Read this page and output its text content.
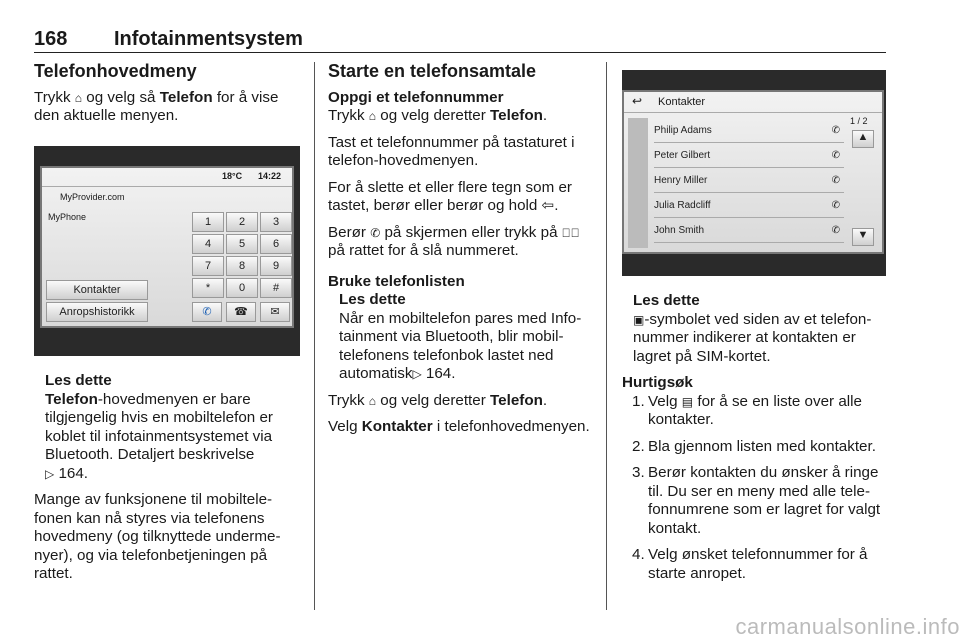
168 Infotainmentsystem
Telefonhovedmeny

Trykk ⌂ og velg så Telefon for å vise den aktuelle menyen.

18°C 14:22
MyProvider.com
MyPhone	1	2	3
4	5	6
7	8	9
*	0	#
Kontakter
Anropshistorikk	✆	☎	✉
Les dette
Telefon-hovedmenyen er bare tilgjengelig hvis en mobiltelefon er koblet til infotainmentsystemet via Bluetooth. Detaljert beskrivelse
▷ 164.

Mange av funksjonene til mobiltelefonen kan nå styres via telefonens hovedmeny (og tilknyttede undermenyer), og via telefonbetjeningen på rattet.

Starte en telefonsamtale
Oppgi et telefonnummer

Trykk ⌂ og velg deretter Telefon.

Tast et telefonnummer på tastaturet i telefon-hovedmenyen.

For å slette et eller flere tegn som er tastet, berør eller berør og hold ⇦.

Berør ✆ på skjermen eller trykk på ✆⃝ på rattet for å slå nummeret.

Bruke telefonlisten
Les dette
Når en mobiltelefon pares med Infotainment via Bluetooth, blir mobiltelefonens telefonbok lastet ned automatisk▷ 164.

Trykk ⌂ og velg deretter Telefon.

Velg Kontakter i telefonhovedmenyen.

↩ Kontakter
1 / 2
Philip Adams	✆
Peter Gilbert	✆
Henry Miller	✆
Julia Radcliff	✆
John Smith	✆
▲
▼
Les dette
▣-symbolet ved siden av et telefonnummer indikerer at kontakten er lagret på SIM-kortet.
Hurtigsøk
1. Velg ▤ for å se en liste over alle kontakter.
2. Bla gjennom listen med kontakter.
3. Berør kontakten du ønsker å ringe til. Du ser en meny med alle telefonnumrene som er lagret for valgt kontakt.
4. Velg ønsket telefonnummer for å starte anropet.
carmanualsonline.info
